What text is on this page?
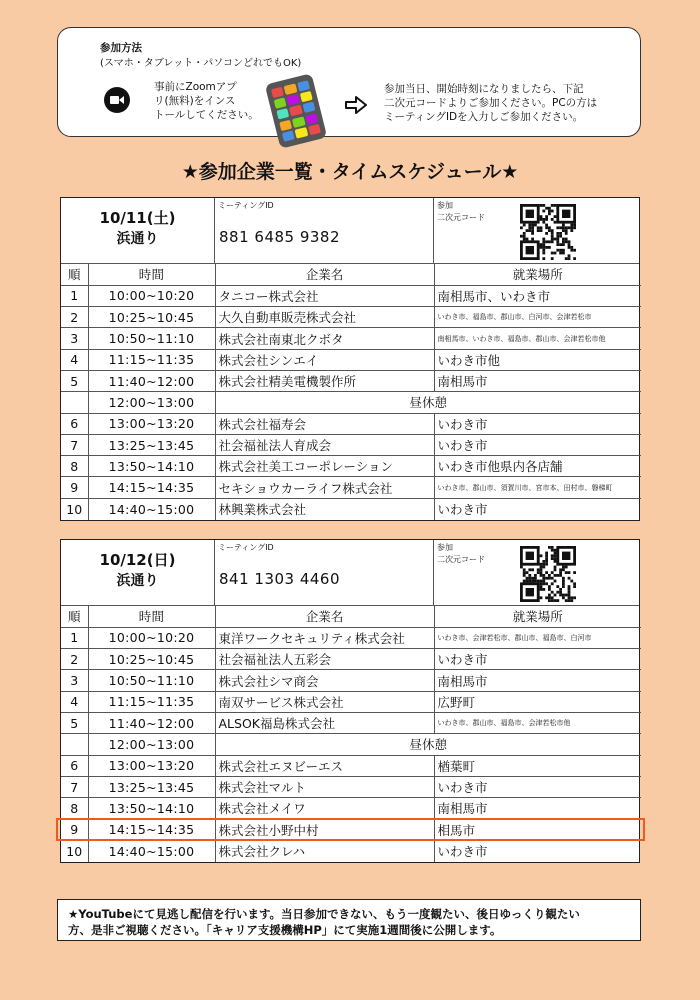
参加方法
(スマホ・タブレット・パソコンどれでもOK)
事前にZoomアプ
リ(無料)をインス
トールしてください。
参加当日、開始時刻になりましたら、下記
二次元コードよりご参加ください。PCの方は
ミーティングIDを入力しご参加ください。
★参加企業一覧・タイムスケジュール★
10/11(土)
浜通り
ミーティングID
881 6485 9382
参加
二次元コード
順	時間	企業名	就業場所
1	10:00~10:20	タニコー株式会社	南相馬市、いわき市
2	10:25~10:45	大久自動車販売株式会社	いわき市、福島市、郡山市、白河市、会津若松市
3	10:50~11:10	株式会社南東北クボタ	南相馬市、いわき市、福島市、郡山市、会津若松市他
4	11:15~11:35	株式会社シンエイ	いわき市他
5	11:40~12:00	株式会社精美電機製作所	南相馬市
	12:00~13:00	昼休憩	
6	13:00~13:20	株式会社福寿会	いわき市
7	13:25~13:45	社会福祉法人育成会	いわき市
8	13:50~14:10	株式会社美工コーポレーション	いわき市他県内各店舗
9	14:15~14:35	セキショウカーライフ株式会社	いわき市、郡山市、須賀川市、宮市本、田村市、磐梯町
10	14:40~15:00	林興業株式会社	いわき市
10/12(日)
浜通り
ミーティングID
841 1303 4460
参加
二次元コード
順	時間	企業名	就業場所
1	10:00~10:20	東洋ワークセキュリティ株式会社	いわき市、会津若松市、郡山市、福島市、白河市
2	10:25~10:45	社会福祉法人五彩会	いわき市
3	10:50~11:10	株式会社シマ商会	南相馬市
4	11:15~11:35	南双サービス株式会社	広野町
5	11:40~12:00	ALSOK福島株式会社	いわき市、郡山市、福島市、会津若松市他
	12:00~13:00	昼休憩	
6	13:00~13:20	株式会社エヌビーエス	楢葉町
7	13:25~13:45	株式会社マルト	いわき市
8	13:50~14:10	株式会社メイワ	南相馬市
9	14:15~14:35	株式会社小野中村	相馬市
10	14:40~15:00	株式会社クレハ	いわき市
★YouTubeにて見逃し配信を行います。当日参加できない、もう一度観たい、後日ゆっくり観たい
方、是非ご視聴ください。「キャリア支援機構HP」にて実施1週間後に公開します。
